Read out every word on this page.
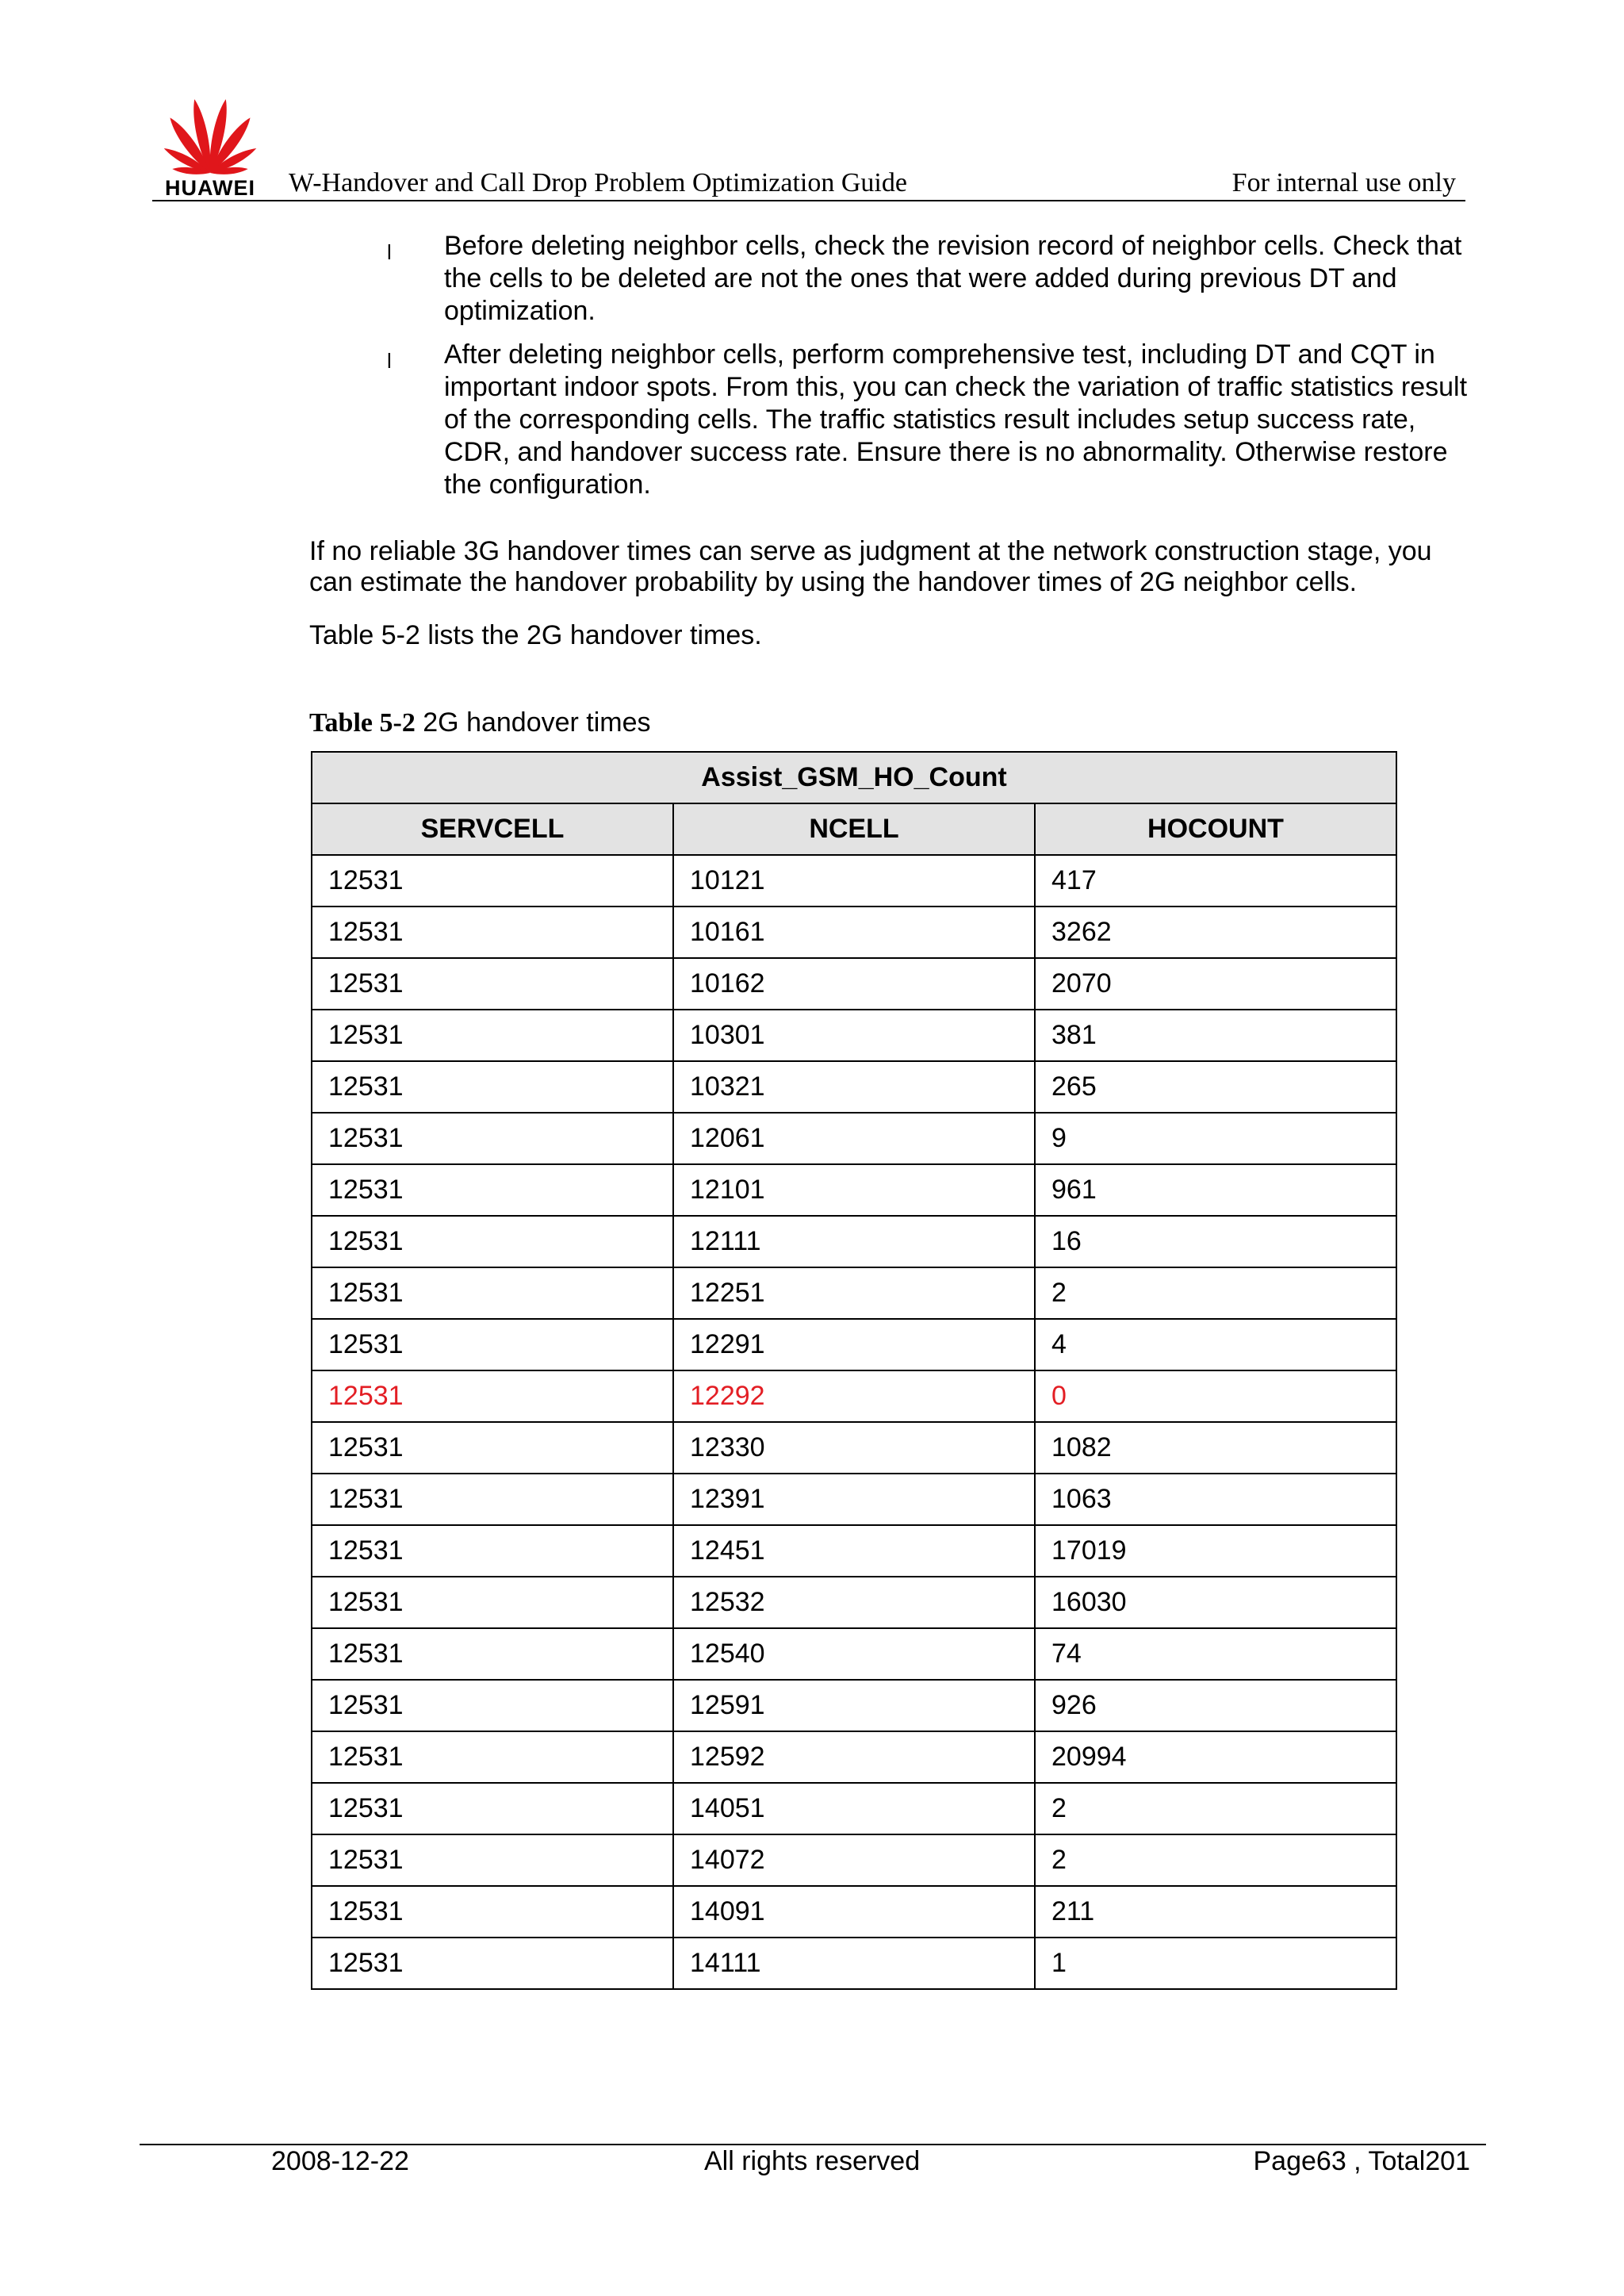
HUAWEI	W-Handover and Call Drop Problem Optimization Guide	For internal use only
l Before deleting neighbor cells, check the revision record of neighbor cells. Check that the cells to be deleted are not the ones that were added during previous DT and optimization.
l After deleting neighbor cells, perform comprehensive test, including DT and CQT in important indoor spots. From this, you can check the variation of traffic statistics result of the corresponding cells. The traffic statistics result includes setup success rate, CDR, and handover success rate. Ensure there is no abnormality. Otherwise restore the configuration.
If no reliable 3G handover times can serve as judgment at the network construction stage, you can estimate the handover probability by using the handover times of 2G neighbor cells.
Table 5-2 lists the 2G handover times.
Table 5-2 2G handover times
Assist_GSM_HO_Count		
SERVCELL	NCELL	HOCOUNT
12531	10121	417
12531	10161	3262
12531	10162	2070
12531	10301	381
12531	10321	265
12531	12061	9
12531	12101	961
12531	12111	16
12531	12251	2
12531	12291	4
12531	12292	0
12531	12330	1082
12531	12391	1063
12531	12451	17019
12531	12532	16030
12531	12540	74
12531	12591	926
12531	12592	20994
12531	14051	2
12531	14072	2
12531	14091	211
12531	14111	1
2008-12-22	All rights reserved	Page63 , Total201
